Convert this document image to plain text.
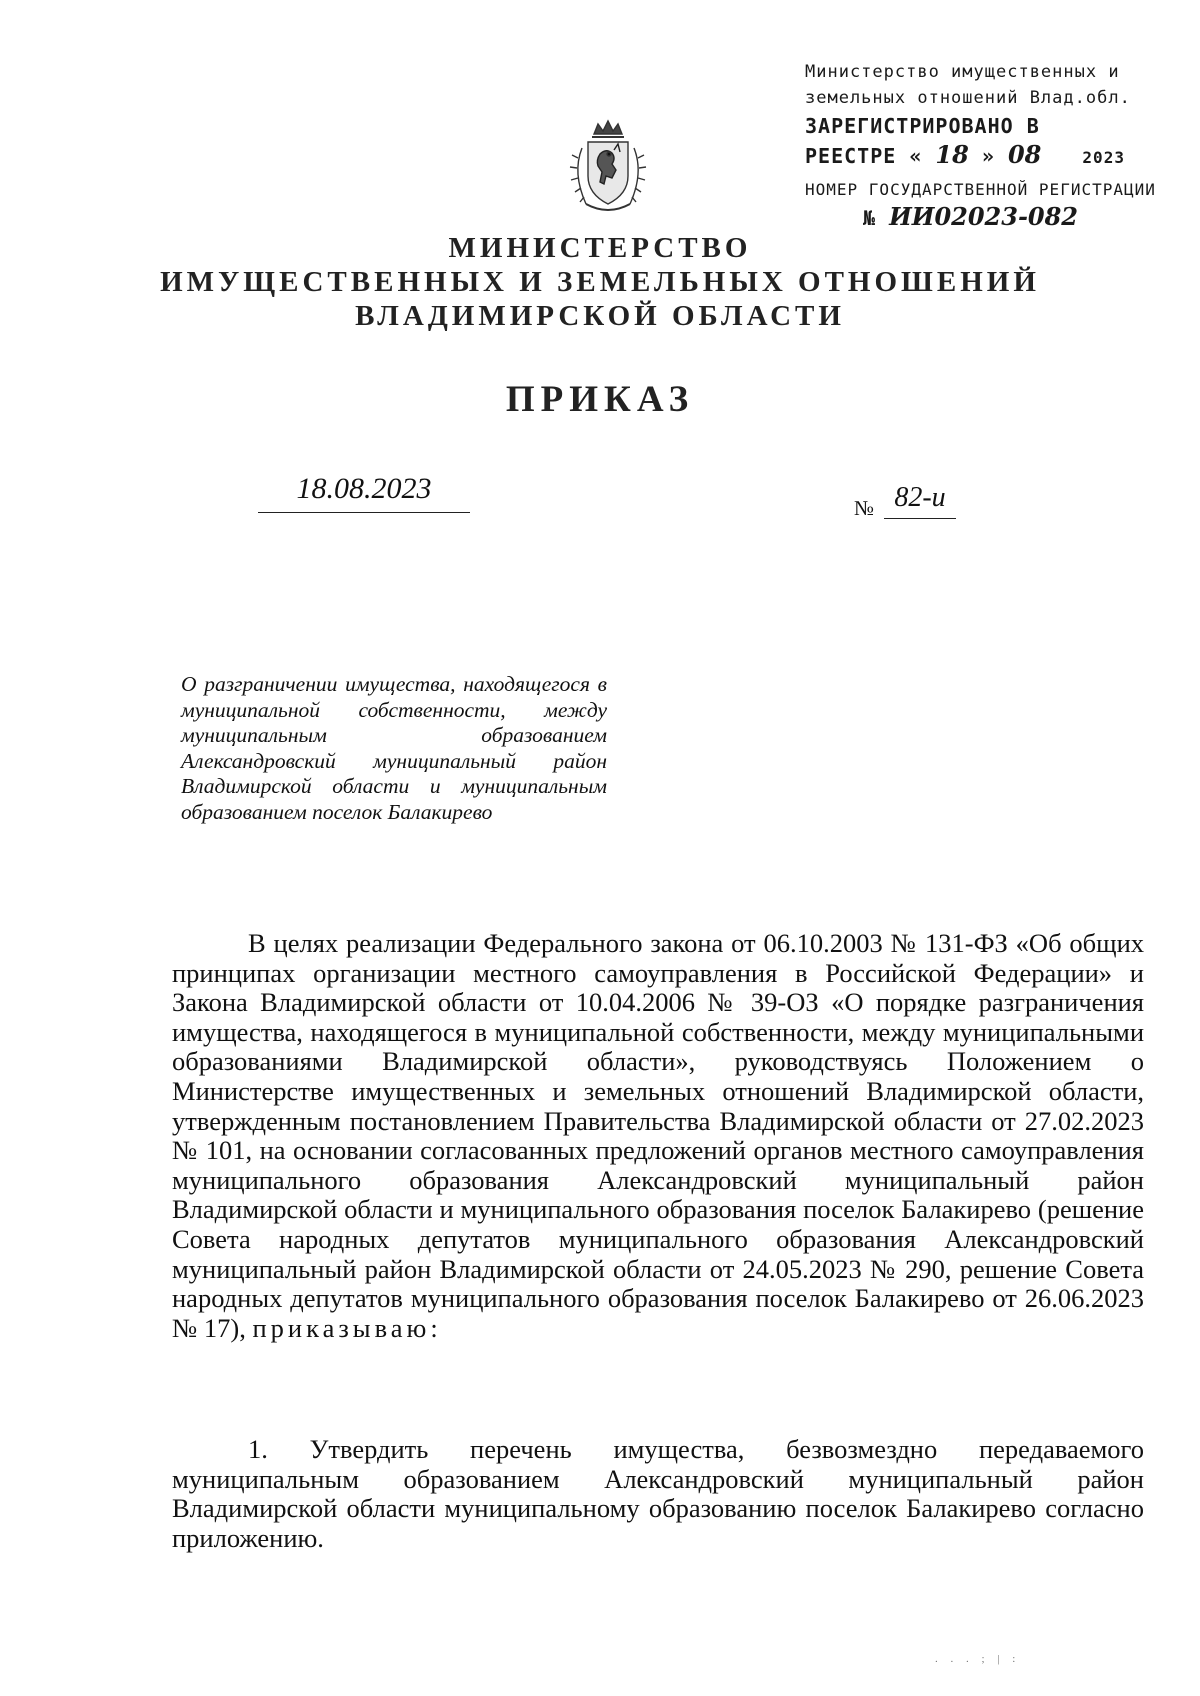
Министерство имущественных и
земельных отношений Влад.обл.
ЗАРЕГИСТРИРОВАНО В
РЕЕСТРЕ « 18 » 08	2023
НОМЕР ГОСУДАРСТВЕННОЙ РЕГИСТРАЦИИ
№ ИИ02023-082
МИНИСТЕРСТВО
ИМУЩЕСТВЕННЫХ И ЗЕМЕЛЬНЫХ ОТНОШЕНИЙ
ВЛАДИМИРСКОЙ ОБЛАСТИ
ПРИКАЗ
18.08.2023
№ 82-и
О разграничении имущества, находящегося в муниципальной собственности, между муниципальным образованием Александровский муниципальный район Владимирской области и муниципальным образованием поселок Балакирево
В целях реализации Федерального закона от 06.10.2003 № 131-ФЗ «Об общих принципах организации местного самоуправления в Российской Федерации» и Закона Владимирской области от 10.04.2006 № 39-ОЗ «О порядке разграничения имущества, находящегося в муниципальной собственности, между муниципальными образованиями Владимирской области», руководствуясь Положением о Министерстве имущественных и земельных отношений Владимирской области, утвержденным постановлением Правительства Владимирской области от 27.02.2023 № 101, на основании согласованных предложений органов местного самоуправления муниципального образования Александровский муниципальный район Владимирской области и муниципального образования поселок Балакирево (решение Совета народных депутатов муниципального образования Александровский муниципальный район Владимирской области от 24.05.2023 № 290, решение Совета народных депутатов муниципального образования поселок Балакирево от 26.06.2023 № 17), приказываю:
1. Утвердить перечень имущества, безвозмездно передаваемого муниципальным образованием Александровский муниципальный район Владимирской области муниципальному образованию поселок Балакирево согласно приложению.
. . . ; | :
